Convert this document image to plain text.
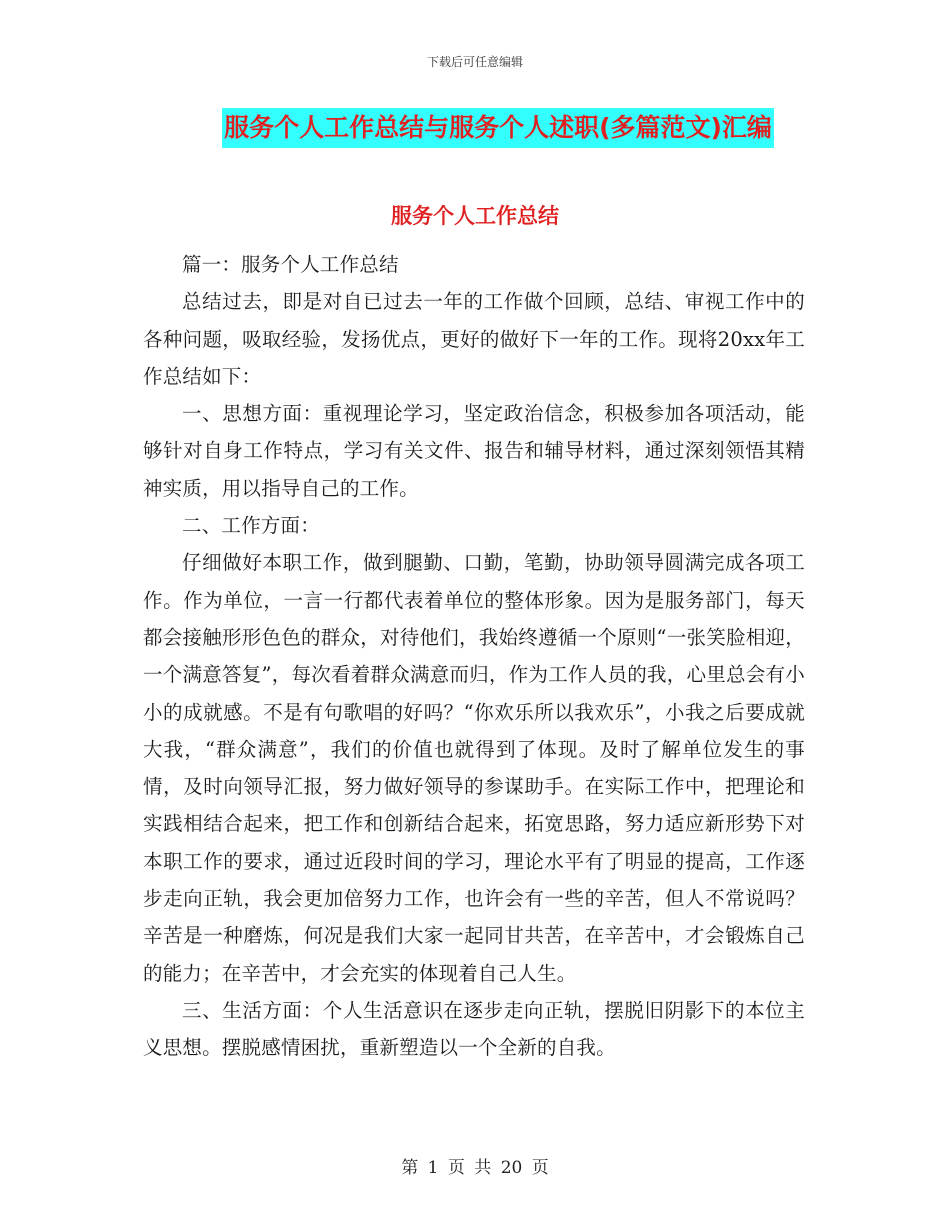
下载后可任意编辑
服务个人工作总结与服务个人述职(多篇范文)汇编
服务个人工作总结

篇一：服务个人工作总结

总结过去，即是对自已过去一年的工作做个回顾，总结、审视工作中的各种问题，吸取经验，发扬优点，更好的做好下一年的工作。现将20xx年工作总结如下：

一、思想方面：重视理论学习，坚定政治信念，积极参加各项活动，能够针对自身工作特点，学习有关文件、报告和辅导材料，通过深刻领悟其精神实质，用以指导自己的工作。

二、工作方面：

仔细做好本职工作，做到腿勤、口勤，笔勤，协助领导圆满完成各项工作。作为单位，一言一行都代表着单位的整体形象。因为是服务部门，每天都会接触形形色色的群众，对待他们，我始终遵循一个原则“一张笑脸相迎，一个满意答复”，每次看着群众满意而归，作为工作人员的我，心里总会有小小的成就感。不是有句歌唱的好吗？“你欢乐所以我欢乐”，小我之后要成就大我，“群众满意”，我们的价值也就得到了体现。及时了解单位发生的事情，及时向领导汇报，努力做好领导的参谋助手。在实际工作中，把理论和实践相结合起来，把工作和创新结合起来，拓宽思路，努力适应新形势下对本职工作的要求，通过近段时间的学习，理论水平有了明显的提高，工作逐步走向正轨，我会更加倍努力工作，也许会有一些的辛苦，但人不常说吗？辛苦是一种磨炼，何况是我们大家一起同甘共苦，在辛苦中，才会锻炼自己的能力；在辛苦中，才会充实的体现着自己人生。

三、生活方面：个人生活意识在逐步走向正轨，摆脱旧阴影下的本位主义思想。摆脱感情困扰，重新塑造以一个全新的自我。

第 1 页 共 20 页
